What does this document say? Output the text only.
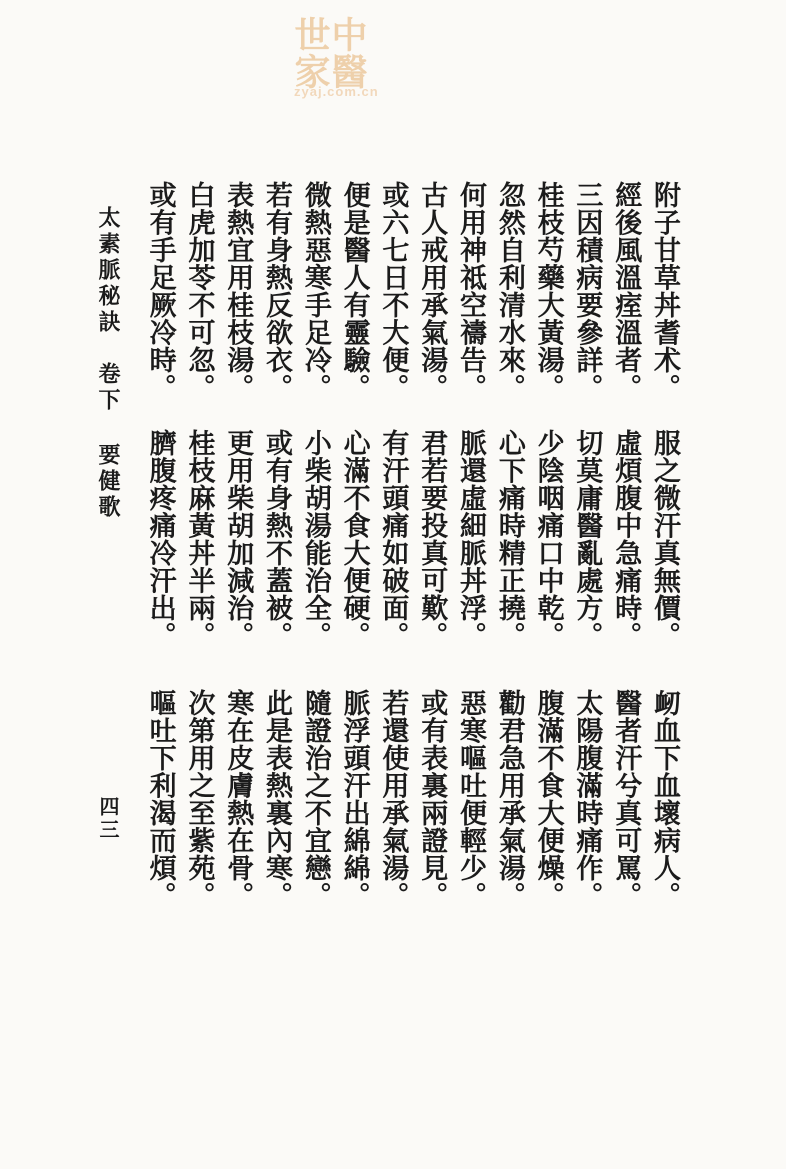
中醫
世家
zyaj.com.cn
太素脈秘訣 卷下 要健歌
附子甘草丼耆术。
經後風溫痓溫者。
三因積病要參詳。
桂枝芍藥大黃湯。
忽然自利清水來。
何用神祗空禱告。
古人戒用承氣湯。
或六七日不大便。
便是醫人有靈驗。
微熱惡寒手足冷。
若有身熱反欲衣。
表熱宜用桂枝湯。
白虎加苓不可忽。
或有手足厥冷時。
服之微汗真無價。
虛煩腹中急痛時。
切莫庸醫亂處方。
少陰咽痛口中乾。
心下痛時精正撓。
脈還虛細脈丼浮。
君若要投真可歎。
有汗頭痛如破面。
心滿不食大便硬。
小柴胡湯能治全。
或有身熱不蓋被。
更用柴胡加減治。
桂枝麻黃丼半兩。
臍腹疼痛冷汗出。
衂血下血壞病人。
醫者汗兮真可罵。
太陽腹滿時痛作。
腹滿不食大便燥。
勸君急用承氣湯。
惡寒嘔吐便輕少。
或有表裏兩證見。
若還使用承氣湯。
脈浮頭汗出綿綿。
隨證治之不宜戀。
此是表熱裏內寒。
寒在皮膚熱在骨。
次第用之至紫苑。
嘔吐下利渴而煩。
四三
